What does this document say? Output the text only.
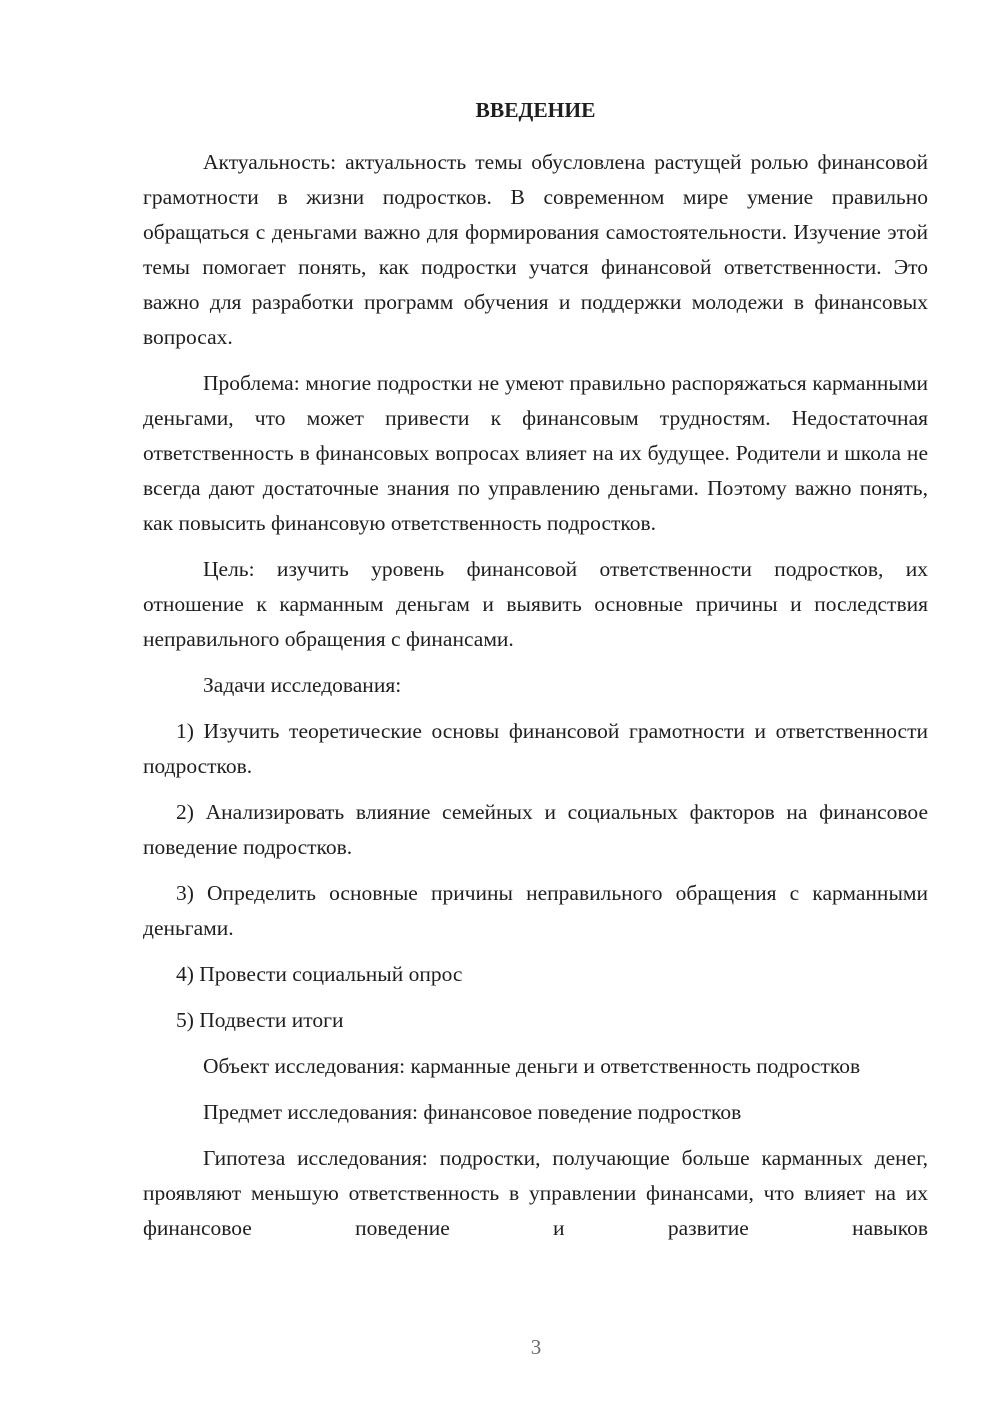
ВВЕДЕНИЕ

Актуальность: актуальность темы обусловлена растущей ролью финансовой грамотности в жизни подростков. В современном мире умение правильно обращаться с деньгами важно для формирования самостоятельности. Изучение этой темы помогает понять, как подростки учатся финансовой ответственности. Это важно для разработки программ обучения и поддержки молодежи в финансовых вопросах.

Проблема: многие подростки не умеют правильно распоряжаться карманными деньгами, что может привести к финансовым трудностям. Недостаточная ответственность в финансовых вопросах влияет на их будущее. Родители и школа не всегда дают достаточные знания по управлению деньгами. Поэтому важно понять, как повысить финансовую ответственность подростков.

Цель: изучить уровень финансовой ответственности подростков, их отношение к карманным деньгам и выявить основные причины и последствия неправильного обращения с финансами.

Задачи исследования:

1) Изучить теоретические основы финансовой грамотности и ответственности подростков.

2) Анализировать влияние семейных и социальных факторов на финансовое поведение подростков.

3) Определить основные причины неправильного обращения с карманными деньгами.

4) Провести социальный опрос

5) Подвести итоги

Объект исследования: карманные деньги и ответственность подростков

Предмет исследования: финансовое поведение подростков

Гипотеза исследования: подростки, получающие больше карманных денег, проявляют меньшую ответственность в управлении финансами, что влияет на их финансовое поведение и развитие навыков

3
